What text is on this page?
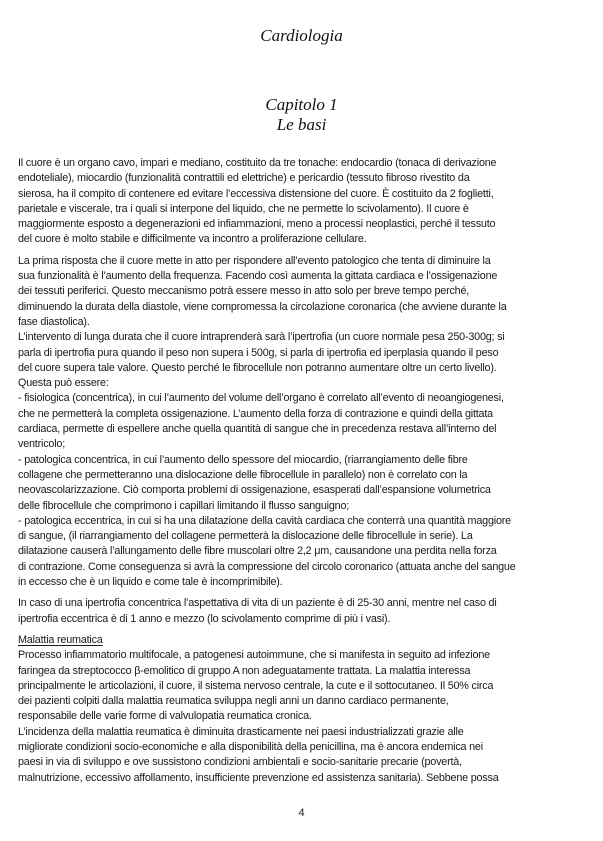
Cardiologia
Capitolo 1
Le basi
Il cuore è un organo cavo, impari e mediano, costituito da tre tonache: endocardio (tonaca di derivazione
endoteliale), miocardio (funzionalità contrattili ed elettriche) e pericardio (tessuto fibroso rivestito da
sierosa, ha il compito di contenere ed evitare l’eccessiva distensione del cuore. È costituito da 2 foglietti,
parietale e viscerale, tra i quali si interpone del liquido, che ne permette lo scivolamento). Il cuore è
maggiormente esposto a degenerazioni ed infiammazioni, meno a processi neoplastici, perché il tessuto
del cuore è molto stabile e difficilmente va incontro a proliferazione cellulare.
La prima risposta che il cuore mette in atto per rispondere all’evento patologico che tenta di diminuire la
sua funzionalità è l’aumento della frequenza. Facendo così aumenta la gittata cardiaca e l’ossigenazione
dei tessuti periferici. Questo meccanismo potrà essere messo in atto solo per breve tempo perché,
diminuendo la durata della diastole, viene compromessa la circolazione coronarica (che avviene durante la
fase diastolica).
L’intervento di lunga durata che il cuore intraprenderà sarà l’ipertrofia (un cuore normale pesa 250-300g; si
parla di ipertrofia pura quando il peso non supera i 500g, si parla di ipertrofia ed iperplasia quando il peso
del cuore supera tale valore. Questo perché le fibrocellule non potranno aumentare oltre un certo livello).
Questa può essere:
- fisiologica (concentrica), in cui l’aumento del volume dell’organo è correlato all’evento di neoangiogenesi,
che ne permetterà la completa ossigenazione. L’aumento della forza di contrazione e quindi della gittata
cardiaca, permette di espellere anche quella quantità di sangue che in precedenza restava all’interno del
ventricolo;
- patologica concentrica, in cui l’aumento dello spessore del miocardio, (riarrangiamento delle fibre
collagene che permetteranno una dislocazione delle fibrocellule in parallelo) non è correlato con la
neovascolarizzazione. Ciò comporta problemi di ossigenazione, esasperati dall’espansione volumetrica
delle fibrocellule che comprimono i capillari limitando il flusso sanguigno;
- patologica eccentrica, in cui si ha una dilatazione della cavità cardiaca che conterrà una quantità maggiore
di sangue, (il riarrangiamento del collagene permetterà la dislocazione delle fibrocellule in serie). La
dilatazione causerà l’allungamento delle fibre muscolari oltre 2,2 μm, causandone una perdita nella forza
di contrazione. Come conseguenza si avrà la compressione del circolo coronarico (attuata anche del sangue
in eccesso che è un liquido e come tale è incomprimibile).
In caso di una ipertrofia concentrica l’aspettativa di vita di un paziente è di 25-30 anni, mentre nel caso di
ipertrofia eccentrica è di 1 anno e mezzo (lo scivolamento comprime di più i vasi).
Malattia reumatica
Processo infiammatorio multifocale, a patogenesi autoimmune, che si manifesta in seguito ad infezione
faringea da streptococco β-emolitico di gruppo A non adeguatamente trattata. La malattia interessa
principalmente le articolazioni, il cuore, il sistema nervoso centrale, la cute e il sottocutaneo. Il 50% circa
dei pazienti colpiti dalla malattia reumatica sviluppa negli anni un danno cardiaco permanente,
responsabile delle varie forme di valvulopatia reumatica cronica.
L’incidenza della malattia reumatica è diminuita drasticamente nei paesi industrializzati grazie alle
migliorate condizioni socio-economiche e alla disponibilità della penicillina, ma è ancora endemica nei
paesi in via di sviluppo e ove sussistono condizioni ambientali e socio-sanitarie precarie (povertà,
malnutrizione, eccessivo affollamento, insufficiente prevenzione ed assistenza sanitaria). Sebbene possa
4
